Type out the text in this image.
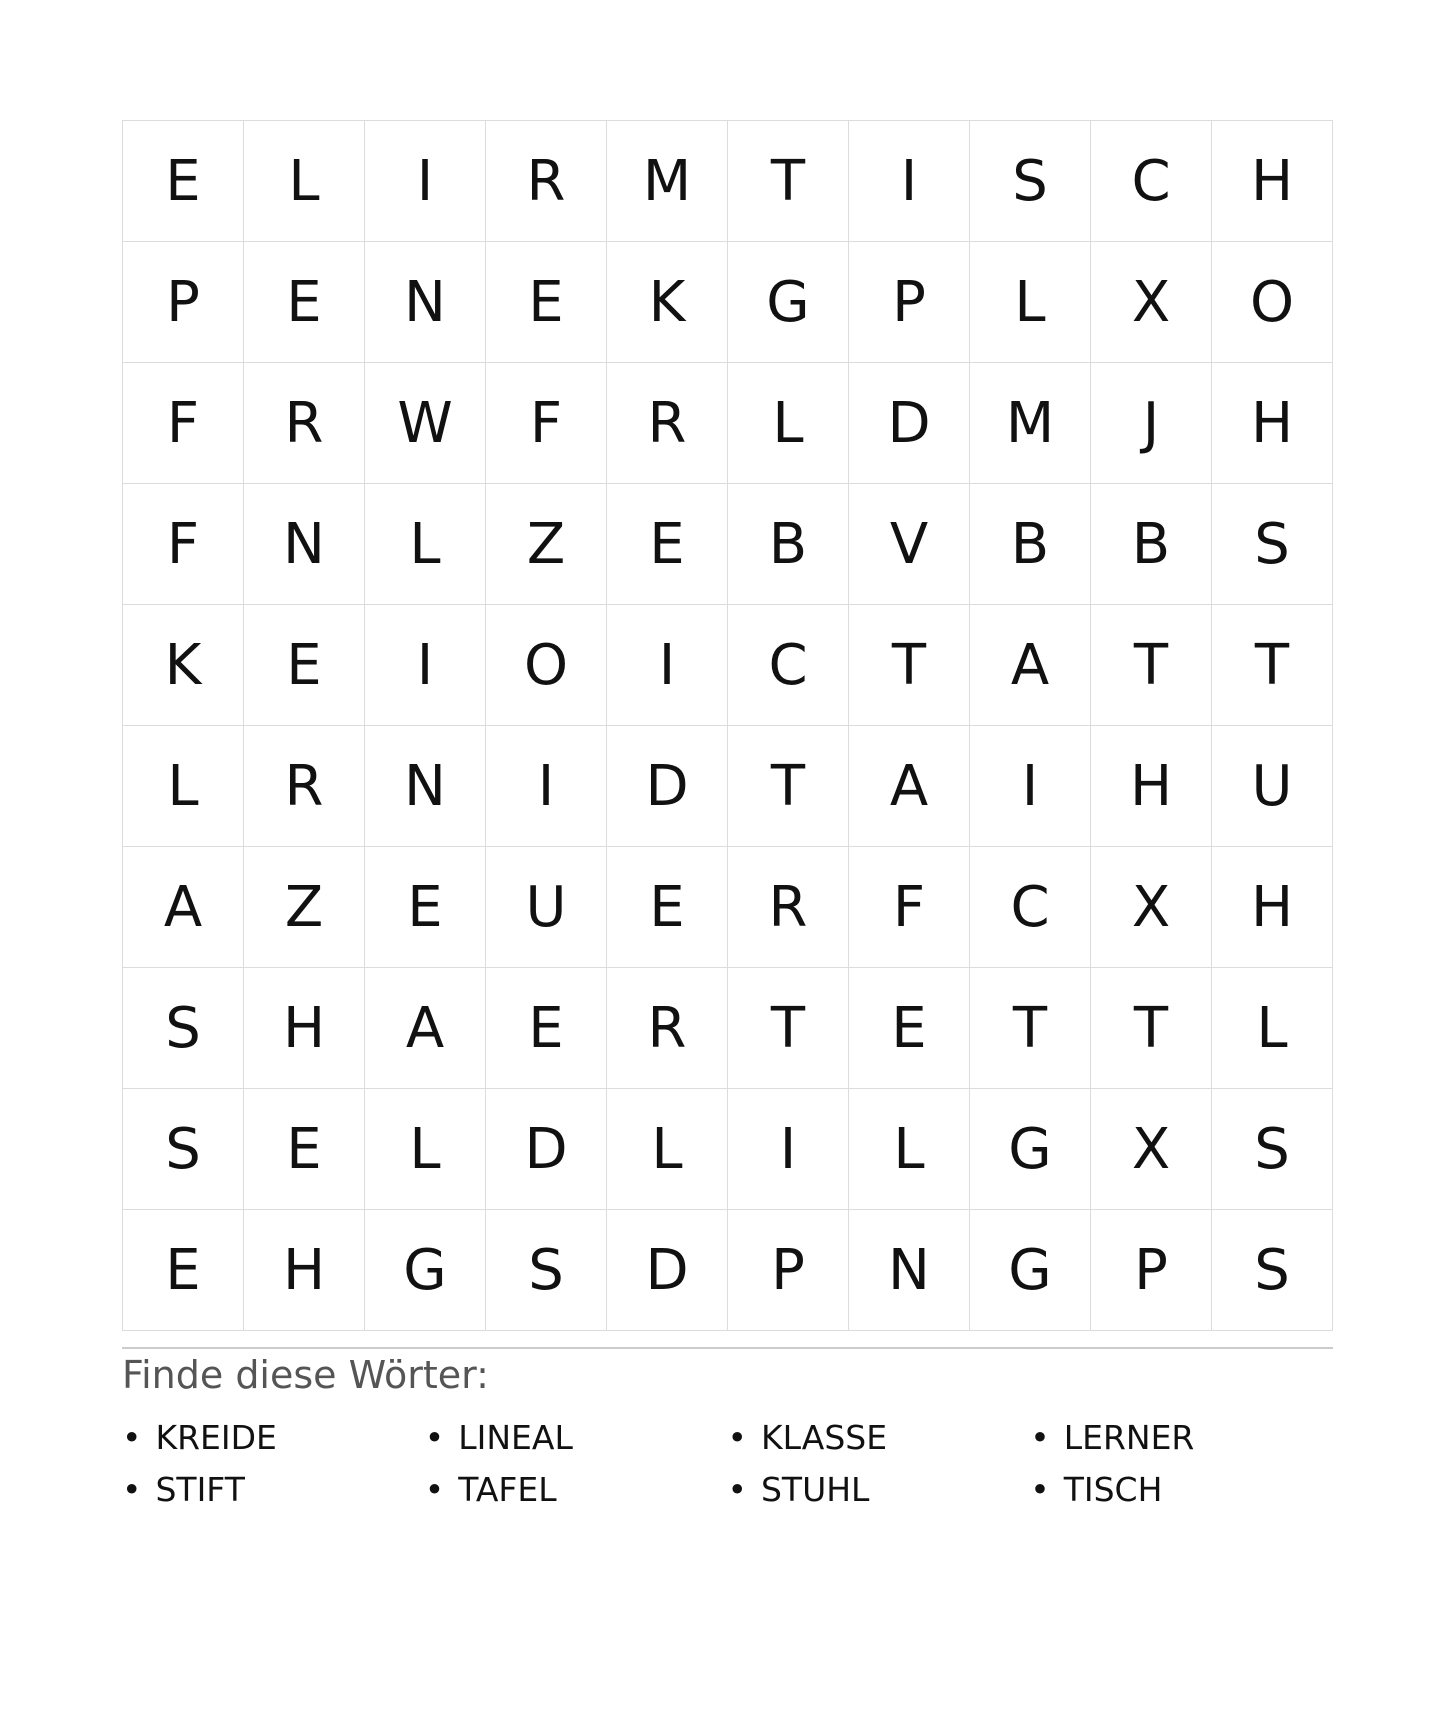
E	L	I	R	M	T	I	S	C	H
P	E	N	E	K	G	P	L	X	O
F	R	W	F	R	L	D	M	J	H
F	N	L	Z	E	B	V	B	B	S
K	E	I	O	I	C	T	A	T	T
L	R	N	I	D	T	A	I	H	U
A	Z	E	U	E	R	F	C	X	H
S	H	A	E	R	T	E	T	T	L
S	E	L	D	L	I	L	G	X	S
E	H	G	S	D	P	N	G	P	S
Finde diese Wörter:
• KREIDE	• LINEAL	• KLASSE	• LERNER
• STIFT	• TAFEL	• STUHL	• TISCH
